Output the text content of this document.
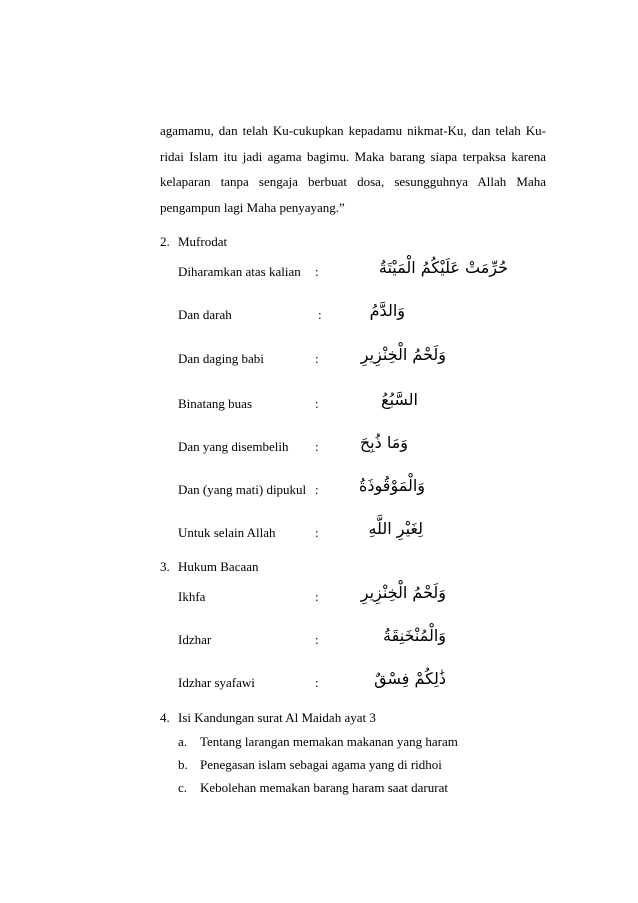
agamamu, dan telah Ku-cukupkan kepadamu nikmat-Ku, dan telah Ku-
ridai Islam itu jadi agama bagimu. Maka barang siapa terpaksa karena
kelaparan tanpa sengaja berbuat dosa, sesungguhnya Allah Maha
pengampun lagi Maha penyayang.”
2. Mufrodat
Diharamkan atas kalian :	حُرِّمَتْ عَلَيْكُمُ الْمَيْتَةُ
Dan darah	:	وَالدَّمُ
Dan daging babi	:	وَلَحْمُ الْخِنْزِيرِ
Binatang buas	:	السَّبُعُ
Dan yang disembelih :	وَمَا ذُبِحَ
Dan (yang mati) dipukul :	وَالْمَوْقُوذَةُ
Untuk selain Allah	:	لِغَيْرِ اللَّهِ
3. Hukum Bacaan
Ikhfa	:	وَلَحْمُ الْخِنْزِيرِ
Idzhar	:	وَالْمُنْخَنِقَةُ
Idzhar syafawi	:	ذَٰلِكُمْ فِسْقٌ
4. Isi Kandungan surat Al Maidah ayat 3
a. Tentang larangan memakan makanan yang haram
b. Penegasan islam sebagai agama yang di ridhoi
c. Kebolehan memakan barang haram saat darurat
